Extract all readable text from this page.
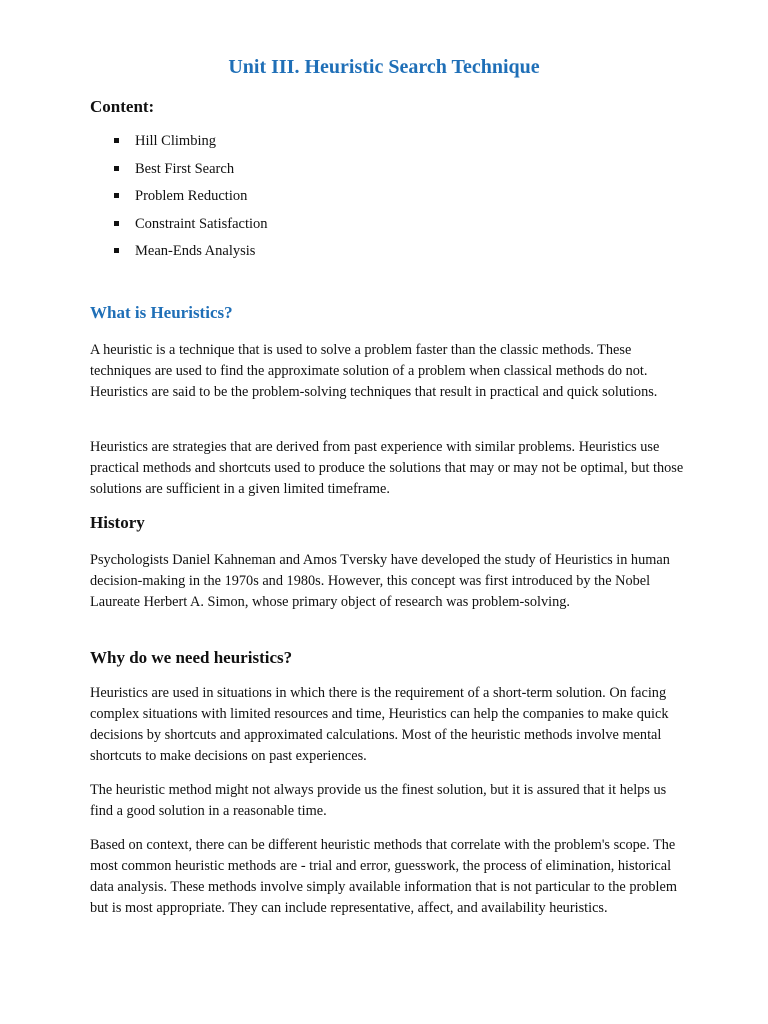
Unit III. Heuristic Search Technique
Content:
Hill Climbing
Best First Search
Problem Reduction
Constraint Satisfaction
Mean-Ends Analysis
What is Heuristics?

A heuristic is a technique that is used to solve a problem faster than the classic methods. These techniques are used to find the approximate solution of a problem when classical methods do not. Heuristics are said to be the problem-solving techniques that result in practical and quick solutions.

Heuristics are strategies that are derived from past experience with similar problems. Heuristics use practical methods and shortcuts used to produce the solutions that may or may not be optimal, but those solutions are sufficient in a given limited timeframe.

History

Psychologists Daniel Kahneman and Amos Tversky have developed the study of Heuristics in human decision-making in the 1970s and 1980s. However, this concept was first introduced by the Nobel Laureate Herbert A. Simon, whose primary object of research was problem-solving.

Why do we need heuristics?

Heuristics are used in situations in which there is the requirement of a short-term solution. On facing complex situations with limited resources and time, Heuristics can help the companies to make quick decisions by shortcuts and approximated calculations. Most of the heuristic methods involve mental shortcuts to make decisions on past experiences.

The heuristic method might not always provide us the finest solution, but it is assured that it helps us find a good solution in a reasonable time.

Based on context, there can be different heuristic methods that correlate with the problem's scope. The most common heuristic methods are - trial and error, guesswork, the process of elimination, historical data analysis. These methods involve simply available information that is not particular to the problem but is most appropriate. They can include representative, affect, and availability heuristics.
